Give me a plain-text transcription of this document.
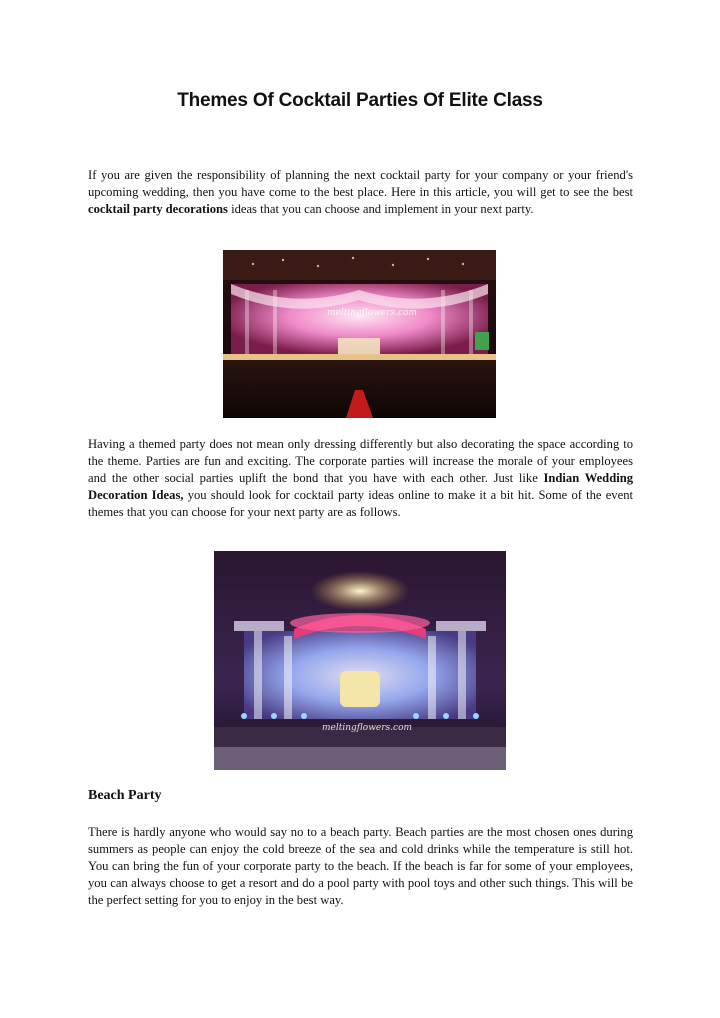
Themes Of Cocktail Parties Of Elite Class

If you are given the responsibility of planning the next cocktail party for your company or your friend's upcoming wedding, then you have come to the best place. Here in this article, you will get to see the best cocktail party decorations ideas that you can choose and implement in your next party.

meltingflowers.com

Having a themed party does not mean only dressing differently but also decorating the space according to the theme. Parties are fun and exciting. The corporate parties will increase the morale of your employees and the other social parties uplift the bond that you have with each other. Just like Indian Wedding Decoration Ideas, you should look for cocktail party ideas online to make it a bit hit. Some of the event themes that you can choose for your next party are as follows.

meltingflowers.com
Beach Party

There is hardly anyone who would say no to a beach party. Beach parties are the most chosen ones during summers as people can enjoy the cold breeze of the sea and cold drinks while the temperature is still hot. You can bring the fun of your corporate party to the beach. If the beach is far for some of your employees, you can always choose to get a resort and do a pool party with pool toys and other such things. This will be the perfect setting for you to enjoy in the best way.
